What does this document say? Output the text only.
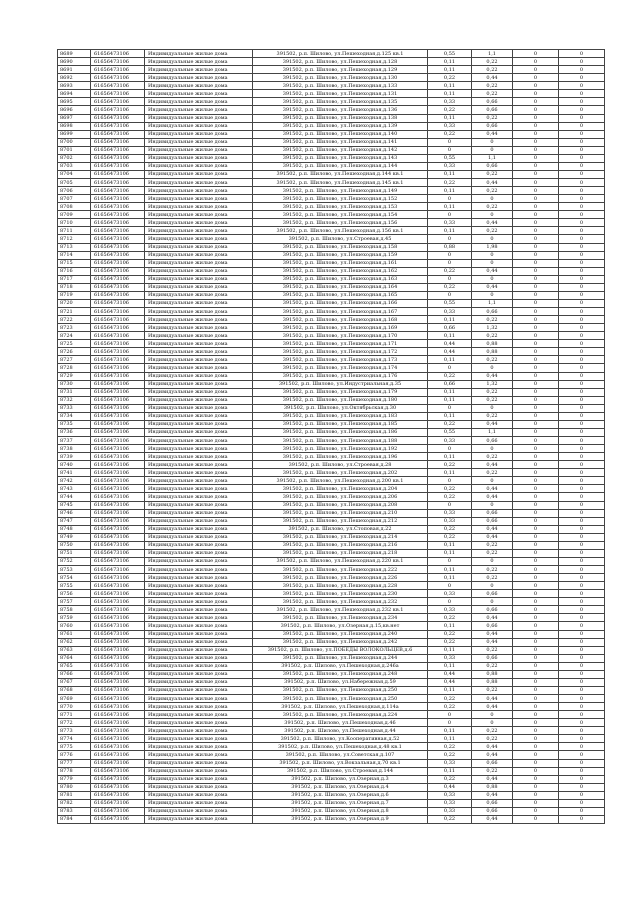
8689	61656473106	Индивидуальные жилые дома	391502, р.п. Шилово, ул.Пешеходная,д.125 кв.1	0,55	1,1	0	0
8690	61656473106	Индивидуальные жилые дома	391502, р.п. Шилово, ул.Пешеходная,д.128	0,11	0,22	0	0
8691	61656473106	Индивидуальные жилые дома	391502, р.п. Шилово, ул.Пешеходная,д.129	0,11	0,22	0	0
8692	61656473106	Индивидуальные жилые дома	391502, р.п. Шилово, ул.Пешеходная,д.130	0,22	0,44	0	0
8693	61656473106	Индивидуальные жилые дома	391502, р.п. Шилово, ул.Пешеходная,д.133	0,11	0,22	0	0
8694	61656473106	Индивидуальные жилые дома	391502, р.п. Шилово, ул.Пешеходная,д.131	0,11	0,22	0	0
8695	61656473106	Индивидуальные жилые дома	391502, р.п. Шилово, ул.Пешеходная,д.135	0,33	0,66	0	0
8696	61656473106	Индивидуальные жилые дома	391502, р.п. Шилово, ул.Пешеходная,д.136	0,22	0,66	0	0
8697	61656473106	Индивидуальные жилые дома	391502, р.п. Шилово, ул.Пешеходная,д.138	0,11	0,22	0	0
8698	61656473106	Индивидуальные жилые дома	391502, р.п. Шилово, ул.Пешеходная,д.139	0,33	0,66	0	0
8699	61656473106	Индивидуальные жилые дома	391502, р.п. Шилово, ул.Пешеходная,д.140	0,22	0,44	0	0
8700	61656473106	Индивидуальные жилые дома	391502, р.п. Шилово, ул.Пешеходная,д.141	0	0	0	0
8701	61656473106	Индивидуальные жилые дома	391502, р.п. Шилово, ул.Пешеходная,д.142	0	0	0	0
8702	61656473106	Индивидуальные жилые дома	391502, р.п. Шилово, ул.Пешеходная,д.143	0,55	1,1	0	0
8703	61656473106	Индивидуальные жилые дома	391502, р.п. Шилово, ул.Пешеходная,д.144	0,33	0,66	0	0
8704	61656473106	Индивидуальные жилые дома	391502, р.п. Шилово, ул.Пешеходная,д.144 кв.1	0,11	0,22	0	0
8705	61656473106	Индивидуальные жилые дома	391502, р.п. Шилово, ул.Пешеходная,д.145 кв.1	0,22	0,44	0	0
8706	61656473106	Индивидуальные жилые дома	391502, р.п. Шилово, ул.Пешеходная,д.149	0,11	0,22	0	0
8707	61656473106	Индивидуальные жилые дома	391502, р.п. Шилово, ул.Пешеходная,д.152	0	0	0	0
8708	61656473106	Индивидуальные жилые дома	391502, р.п. Шилово, ул.Пешеходная,д.153	0,11	0,22	0	0
8709	61656473106	Индивидуальные жилые дома	391502, р.п. Шилово, ул.Пешеходная,д.154	0	0	0	0
8710	61656473106	Индивидуальные жилые дома	391502, р.п. Шилово, ул.Пешеходная,д.156	0,33	0,44	0	0
8711	61656473106	Индивидуальные жилые дома	391502, р.п. Шилово, ул.Пешеходная,д.156 кв.1	0,11	0,22	0	0
8712	61656473106	Индивидуальные жилые дома	391502, р.п. Шилово, ул.Строевая,д.45	0	0	0	0
8713	61656473106	Индивидуальные жилые дома	391502, р.п. Шилово, ул.Пешеходная,д.158	0,88	1,98	0	0
8714	61656473106	Индивидуальные жилые дома	391502, р.п. Шилово, ул.Пешеходная,д.159	0	0	0	0
8715	61656473106	Индивидуальные жилые дома	391502, р.п. Шилово, ул.Пешеходная,д.161	0	0	0	0
8716	61656473106	Индивидуальные жилые дома	391502, р.п. Шилово, ул.Пешеходная,д.162	0,22	0,44	0	0
8717	61656473106	Индивидуальные жилые дома	391502, р.п. Шилово, ул.Пешеходная,д.163	0	0	0	0
8718	61656473106	Индивидуальные жилые дома	391502, р.п. Шилово, ул.Пешеходная,д.164	0,22	0,44	0	0
8719	61656473106	Индивидуальные жилые дома	391502, р.п. Шилово, ул.Пешеходная,д.165	0	0	0	0
8720	61656473106	Индивидуальные жилые дома	391502, р.п. Шилово, ул.Пешеходная,д.166	0,55	1,1	0	0
8721	61656473106	Индивидуальные жилые дома	391502, р.п. Шилово, ул.Пешеходная,д.167	0,33	0,66	0	0
8722	61656473106	Индивидуальные жилые дома	391502, р.п. Шилово, ул.Пешеходная,д.168	0,11	0,22	0	0
8723	61656473106	Индивидуальные жилые дома	391502, р.п. Шилово, ул.Пешеходная,д.169	0,66	1,32	0	0
8724	61656473106	Индивидуальные жилые дома	391502, р.п. Шилово, ул.Пешеходная,д.170	0,11	0,22	0	0
8725	61656473106	Индивидуальные жилые дома	391502, р.п. Шилово, ул.Пешеходная,д.171	0,44	0,88	0	0
8726	61656473106	Индивидуальные жилые дома	391502, р.п. Шилово, ул.Пешеходная,д.172	0,44	0,88	0	0
8727	61656473106	Индивидуальные жилые дома	391502, р.п. Шилово, ул.Пешеходная,д.173	0,11	0,22	0	0
8728	61656473106	Индивидуальные жилые дома	391502, р.п. Шилово, ул.Пешеходная,д.174	0	0	0	0
8729	61656473106	Индивидуальные жилые дома	391502, р.п. Шилово, ул.Пешеходная,д.176	0,22	0,44	0	0
8730	61656473106	Индивидуальные жилые дома	391502, р.п. Шилово, ул.Индустриальная,д.35	0,66	1,32	0	0
8731	61656473106	Индивидуальные жилые дома	391502, р.п. Шилово, ул.Пешеходная,д.179	0,11	0,22	0	0
8732	61656473106	Индивидуальные жилые дома	391502, р.п. Шилово, ул.Пешеходная,д.180	0,11	0,22	0	0
8733	61656473106	Индивидуальные жилые дома	391502, р.п. Шилово, ул.Октябрьская,д.30	0	0	0	0
8734	61656473106	Индивидуальные жилые дома	391502, р.п. Шилово, ул.Пешеходная,д.183	0,11	0,22	0	0
8735	61656473106	Индивидуальные жилые дома	391502, р.п. Шилово, ул.Пешеходная,д.185	0,22	0,44	0	0
8736	61656473106	Индивидуальные жилые дома	391502, р.п. Шилово, ул.Пешеходная,д.186	0,55	1,1	0	0
8737	61656473106	Индивидуальные жилые дома	391502, р.п. Шилово, ул.Пешеходная,д.188	0,33	0,66	0	0
8738	61656473106	Индивидуальные жилые дома	391502, р.п. Шилово, ул.Пешеходная,д.192	0	0	0	0
8739	61656473106	Индивидуальные жилые дома	391502, р.п. Шилово, ул.Пешеходная,д.196	0,11	0,22	0	0
8740	61656473106	Индивидуальные жилые дома	391502, р.п. Шилово, ул.Строевая,д.28	0,22	0,44	0	0
8741	61656473106	Индивидуальные жилые дома	391502, р.п. Шилово, ул.Пешеходная,д.202	0,11	0,22	0	0
8742	61656473106	Индивидуальные жилые дома	391502, р.п. Шилово, ул.Пешеходная,д.200 кв.1	0	0	0	0
8743	61656473106	Индивидуальные жилые дома	391502, р.п. Шилово, ул.Пешеходная,д.204	0,22	0,44	0	0
8744	61656473106	Индивидуальные жилые дома	391502, р.п. Шилово, ул.Пешеходная,д.206	0,22	0,44	0	0
8745	61656473106	Индивидуальные жилые дома	391502, р.п. Шилово, ул.Пешеходная,д.208	0	0	0	0
8746	61656473106	Индивидуальные жилые дома	391502, р.п. Шилово, ул.Пешеходная,д.210	0,33	0,66	0	0
8747	61656473106	Индивидуальные жилые дома	391502, р.п. Шилово, ул.Пешеходная,д.212	0,33	0,66	0	0
8748	61656473106	Индивидуальные жилые дома	391502, р.п. Шилово, ул.Стоповая,д.22	0,22	0,44	0	0
8749	61656473106	Индивидуальные жилые дома	391502, р.п. Шилово, ул.Пешеходная,д.214	0,22	0,44	0	0
8750	61656473106	Индивидуальные жилые дома	391502, р.п. Шилово, ул.Пешеходная,д.216	0,11	0,22	0	0
8751	61656473106	Индивидуальные жилые дома	391502, р.п. Шилово, ул.Пешеходная,д.218	0,11	0,22	0	0
8752	61656473106	Индивидуальные жилые дома	391502, р.п. Шилово, ул.Пешеходная,д.220 кв.1	0	0	0	0
8753	61656473106	Индивидуальные жилые дома	391502, р.п. Шилово, ул.Пешеходная,д.222	0,11	0,22	0	0
8754	61656473106	Индивидуальные жилые дома	391502, р.п. Шилово, ул.Пешеходная,д.226	0,11	0,22	0	0
8755	61656473106	Индивидуальные жилые дома	391502, р.п. Шилово, ул.Пешеходная,д.228	0	0	0	0
8756	61656473106	Индивидуальные жилые дома	391502, р.п. Шилово, ул.Пешеходная,д.230	0,33	0,66	0	0
8757	61656473106	Индивидуальные жилые дома	391502, р.п. Шилово, ул.Пешеходная,д.232	0	0	0	0
8758	61656473106	Индивидуальные жилые дома	391502, р.п. Шилово, ул.Пешеходная,д.232 кв.1	0,33	0,66	0	0
8759	61656473106	Индивидуальные жилые дома	391502, р.п. Шилово, ул.Пешеходная,д.234	0,22	0,44	0	0
8760	61656473106	Индивидуальные жилые дома	391502, р.п. Шилово, ул.Озерная,д.15,кв.нет	0,11	0,66	0	0
8761	61656473106	Индивидуальные жилые дома	391502, р.п. Шилово, ул.Пешеходная,д.240	0,22	0,44	0	0
8762	61656473106	Индивидуальные жилые дома	391502, р.п. Шилово, ул.Пешеходная,д.242	0,22	0,44	0	0
8763	61656473106	Индивидуальные жилые дома	391502, р.п. Шилово, ул.ПОБЕДЫ ВОЛОКОЛЬЦЕВ,д.6	0,11	0,22	0	0
8764	61656473106	Индивидуальные жилые дома	391502, р.п. Шилово, ул.Пешеходная,д.244	0,33	0,66	0	0
8765	61656473106	Индивидуальные жилые дома	391502, р.п. Шилово, ул.Пешеходная,д.246а	0,11	0,22	0	0
8766	61656473106	Индивидуальные жилые дома	391502, р.п. Шилово, ул.Пешеходная,д.248	0,44	0,88	0	0
8767	61656473106	Индивидуальные жилые дома	391502, р.п. Шилово, ул.Набережная,д.59	0,44	0,88	0	0
8768	61656473106	Индивидуальные жилые дома	391502, р.п. Шилово, ул.Пешеходная,д.250	0,11	0,22	0	0
8769	61656473106	Индивидуальные жилые дома	391502, р.п. Шилово, ул.Пешеходная,д.250	0,22	0,44	0	0
8770	61656473106	Индивидуальные жилые дома	391502, р.п. Шилово, ул.Пешеходная,д.114а	0,22	0,44	0	0
8771	61656473106	Индивидуальные жилые дома	391502, р.п. Шилово, ул.Пешеходная,д.224	0	0	0	0
8772	61656473106	Индивидуальные жилые дома	391502, р.п. Шилово, ул.Пешеходная,д.46	0	0	0	0
8773	61656473106	Индивидуальные жилые дома	391502, р.п. Шилово, ул.Пешеходная,д.44	0,11	0,22	0	0
8774	61656473106	Индивидуальные жилые дома	391502, р.п. Шилово, ул.Кооперативная,д.52	0,11	0,22	0	0
8775	61656473106	Индивидуальные жилые дома	391502, р.п. Шилово, ул.Пешеходная,д.48 кв.1	0,22	0,44	0	0
8776	61656473106	Индивидуальные жилые дома	391502, р.п. Шилово, ул.Советская,д.107	0,22	0,44	0	0
8777	61656473106	Индивидуальные жилые дома	391502, р.п. Шилово, ул.Вокзальная,д.70 кв.1	0,33	0,66	0	0
8778	61656473106	Индивидуальные жилые дома	391502, р.п. Шилово, ул.Строевая,д.144	0,11	0,22	0	0
8779	61656473106	Индивидуальные жилые дома	391502, р.п. Шилово, ул.Озерная,д.3	0,22	0,44	0	0
8780	61656473106	Индивидуальные жилые дома	391502, р.п. Шилово, ул.Озерная,д.4	0,44	0,88	0	0
8781	61656473106	Индивидуальные жилые дома	391502, р.п. Шилово, ул.Озерная,д.6	0,33	0,44	0	0
8782	61656473106	Индивидуальные жилые дома	391502, р.п. Шилово, ул.Озерная,д.7	0,33	0,66	0	0
8783	61656473106	Индивидуальные жилые дома	391502, р.п. Шилово, ул.Озерная,д.8	0,33	0,66	0	0
8784	61656473106	Индивидуальные жилые дома	391502, р.п. Шилово, ул.Озерная,д.9	0,22	0,44	0	0
